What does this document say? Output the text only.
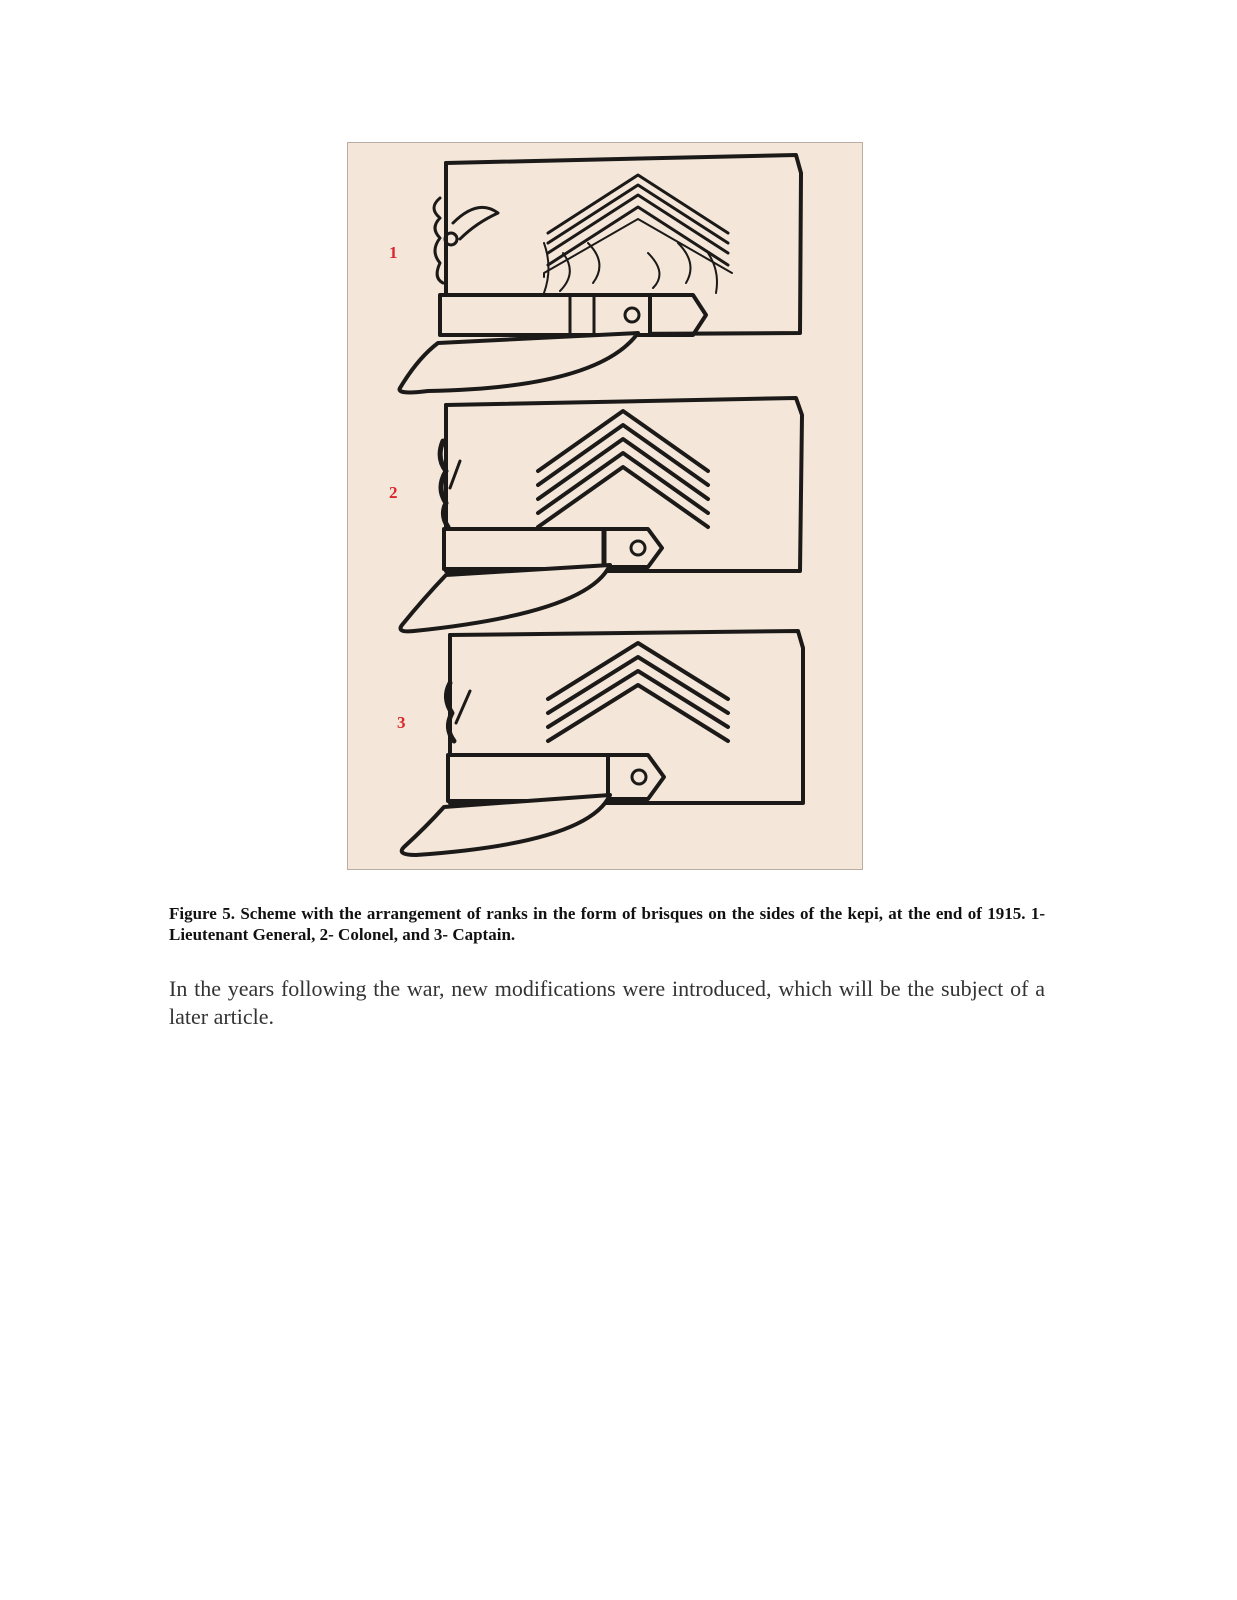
1
2
3
Figure 5. Scheme with the arrangement of ranks in the form of brisques on the sides of the kepi, at the end of 1915. 1- Lieutenant General, 2- Colonel, and 3- Captain.
In the years following the war, new modifications were introduced, which will be the subject of a later article.
